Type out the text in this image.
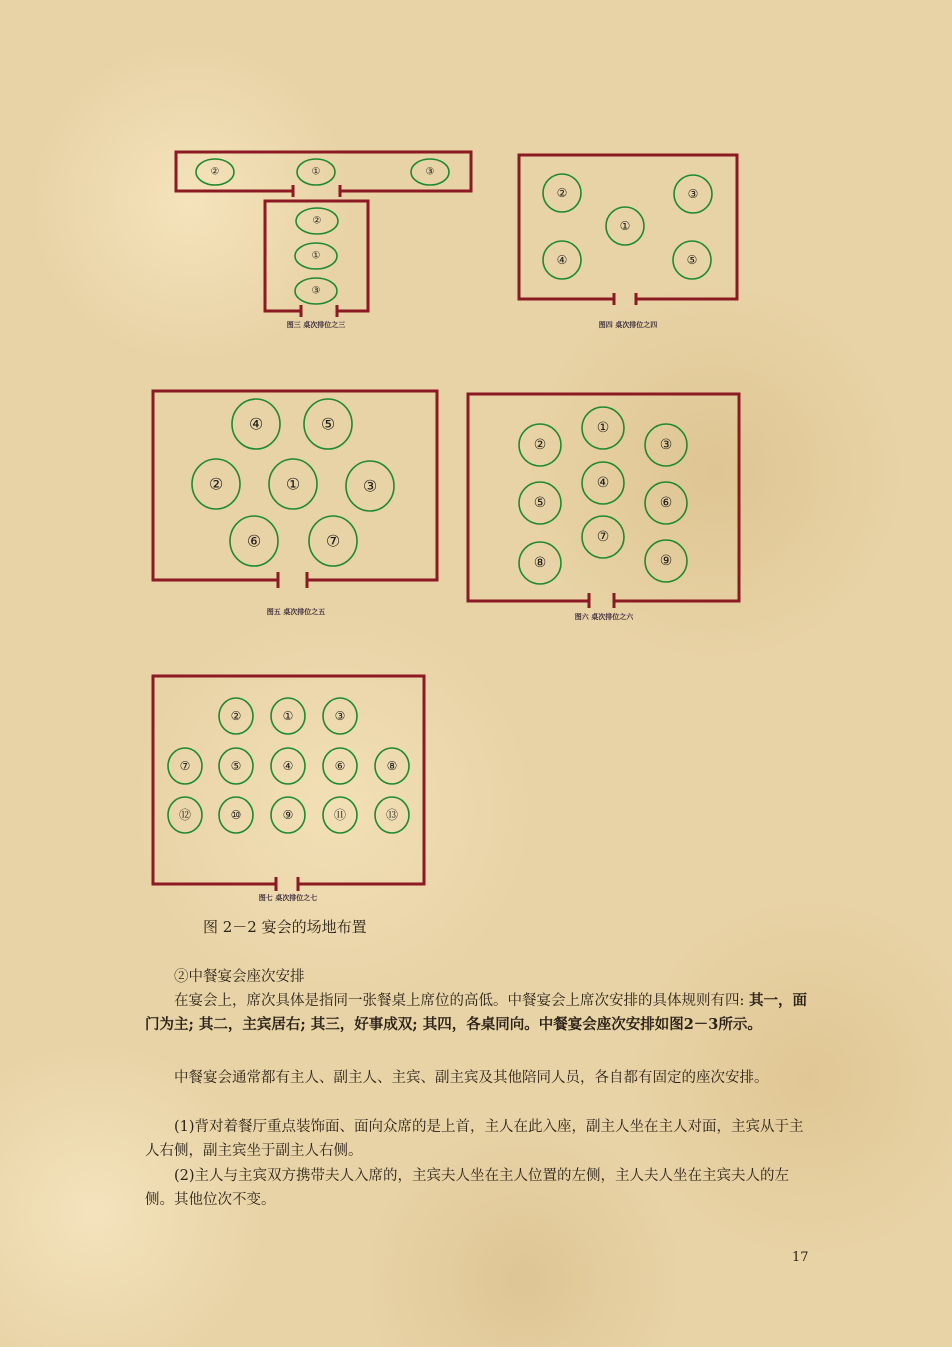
②	①	③
②
①
③
②	③
①
④	⑤
④	⑤
②	①	③
⑥	⑦
①
②	③
④
⑤	⑥
⑦
⑧	⑨
②	①	③
⑦	⑤	④	⑥	⑧
⑫	⑩	⑨	⑪	⑬
图三 桌次排位之三	图四 桌次排位之四
图五 桌次排位之五
图六 桌次排位之六
图七 桌次排位之七
图 2－2 宴会的场地布置
②中餐宴会座次安排
在宴会上，席次具体是指同一张餐桌上席位的高低。中餐宴会上席次安排的具体规则有四: 其一，面门为主; 其二，主宾居右; 其三，好事成双; 其四，各桌同向。中餐宴会座次安排如图2－3所示。
中餐宴会通常都有主人、副主人、主宾、副主宾及其他陪同人员，各自都有固定的座次安排。
(1)背对着餐厅重点装饰面、面向众席的是上首，主人在此入座，副主人坐在主人对面，主宾从于主人右侧，副主宾坐于副主人右侧。
(2)主人与主宾双方携带夫人入席的，主宾夫人坐在主人位置的左侧，主人夫人坐在主宾夫人的左侧。其他位次不变。
17
